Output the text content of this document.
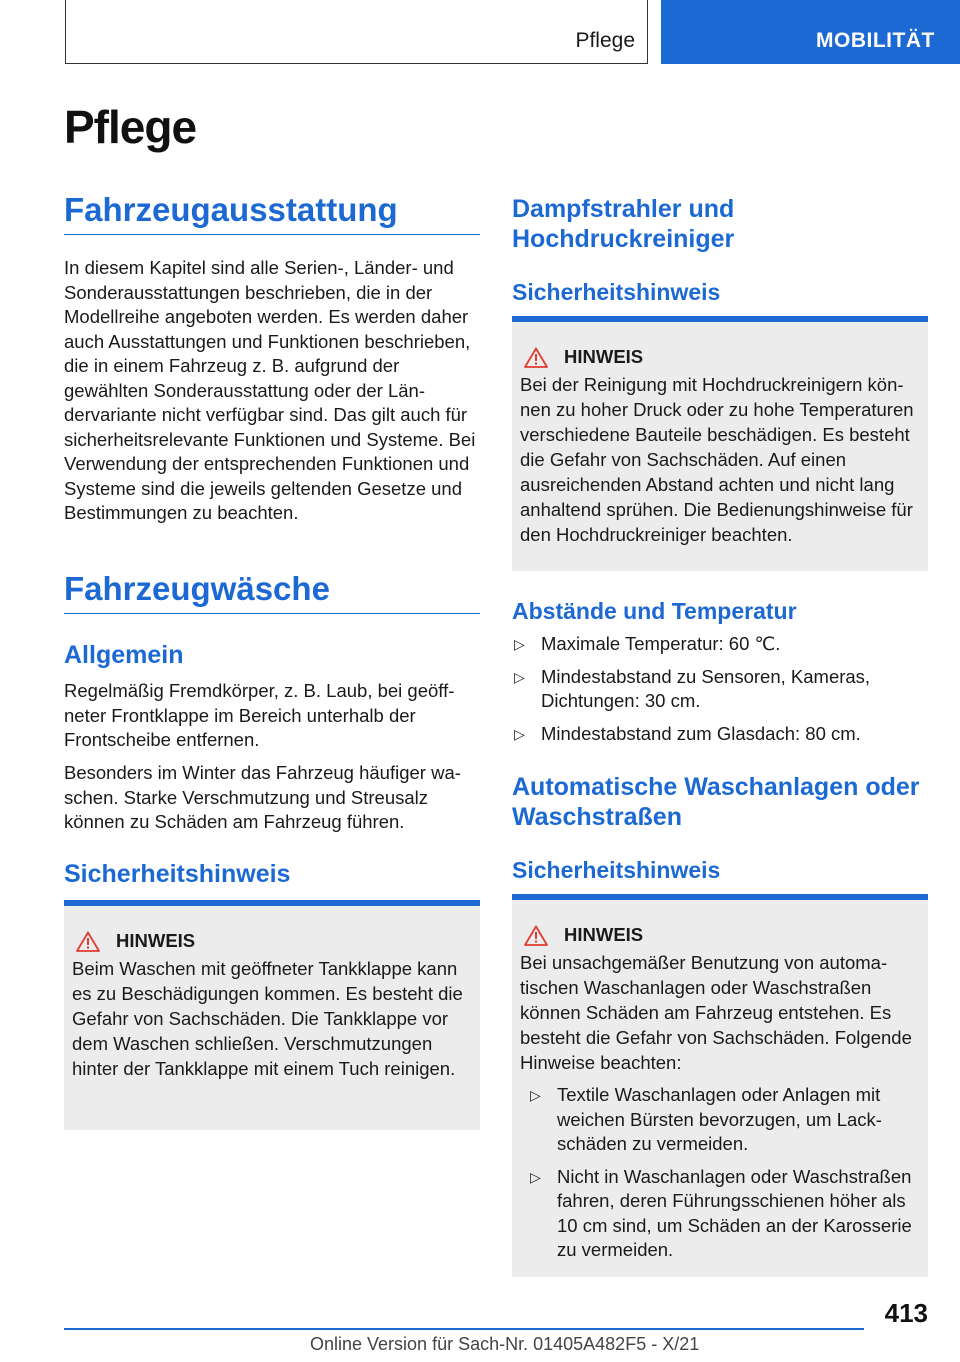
Pflege	MOBILITÄT
Pflege
Fahrzeugausstattung

In diesem Kapitel sind alle Serien-, Länder- und Sonderausstattungen beschrieben, die in der Modellreihe angeboten werden. Es werden daher auch Ausstattungen und Funktionen beschrieben, die in einem Fahrzeug z. B. aufgrund der gewählten Sonderausstattung oder der Ländervariante nicht verfügbar sind. Das gilt auch für sicherheitsrelevante Funktionen und Systeme. Bei Verwendung der entsprechenden Funktionen und Systeme sind die jeweils geltenden Gesetze und Bestimmungen zu beachten.

Fahrzeugwäsche
Allgemein

Regelmäßig Fremdkörper, z. B. Laub, bei geöffneter Frontklappe im Bereich unterhalb der Frontscheibe entfernen.

Besonders im Winter das Fahrzeug häufiger waschen. Starke Verschmutzung und Streusalz können zu Schäden am Fahrzeug führen.

Sicherheitshinweis
HINWEIS

Beim Waschen mit geöffneter Tankklappe kann es zu Beschädigungen kommen. Es besteht die Gefahr von Sachschäden. Die Tankklappe vor dem Waschen schließen. Verschmutzungen hinter der Tankklappe mit einem Tuch reinigen.

Dampfstrahler und Hochdruckreiniger
Sicherheitshinweis
HINWEIS

Bei der Reinigung mit Hochdruckreinigern können zu hoher Druck oder zu hohe Temperaturen verschiedene Bauteile beschädigen. Es besteht die Gefahr von Sachschäden. Auf einen ausreichenden Abstand achten und nicht lang anhaltend sprühen. Die Bedienungshinweise für den Hochdruckreiniger beachten.

Abstände und Temperatur
▷ Maximale Temperatur: 60 ℃.
▷ Mindestabstand zu Sensoren, Kameras, Dichtungen: 30 cm.
▷ Mindestabstand zum Glasdach: 80 cm.
Automatische Waschanlagen oder Waschstraßen
Sicherheitshinweis
HINWEIS

Bei unsachgemäßer Benutzung von automatischen Waschanlagen oder Waschstraßen können Schäden am Fahrzeug entstehen. Es besteht die Gefahr von Sachschäden. Folgende Hinweise beachten:

▷ Textile Waschanlagen oder Anlagen mit weichen Bürsten bevorzugen, um Lackschäden zu vermeiden.
▷ Nicht in Waschanlagen oder Waschstraßen fahren, deren Führungsschienen höher als 10 cm sind, um Schäden an der Karosserie zu vermeiden.
413
Online Version für Sach-Nr. 01405A482F5 - X/21
